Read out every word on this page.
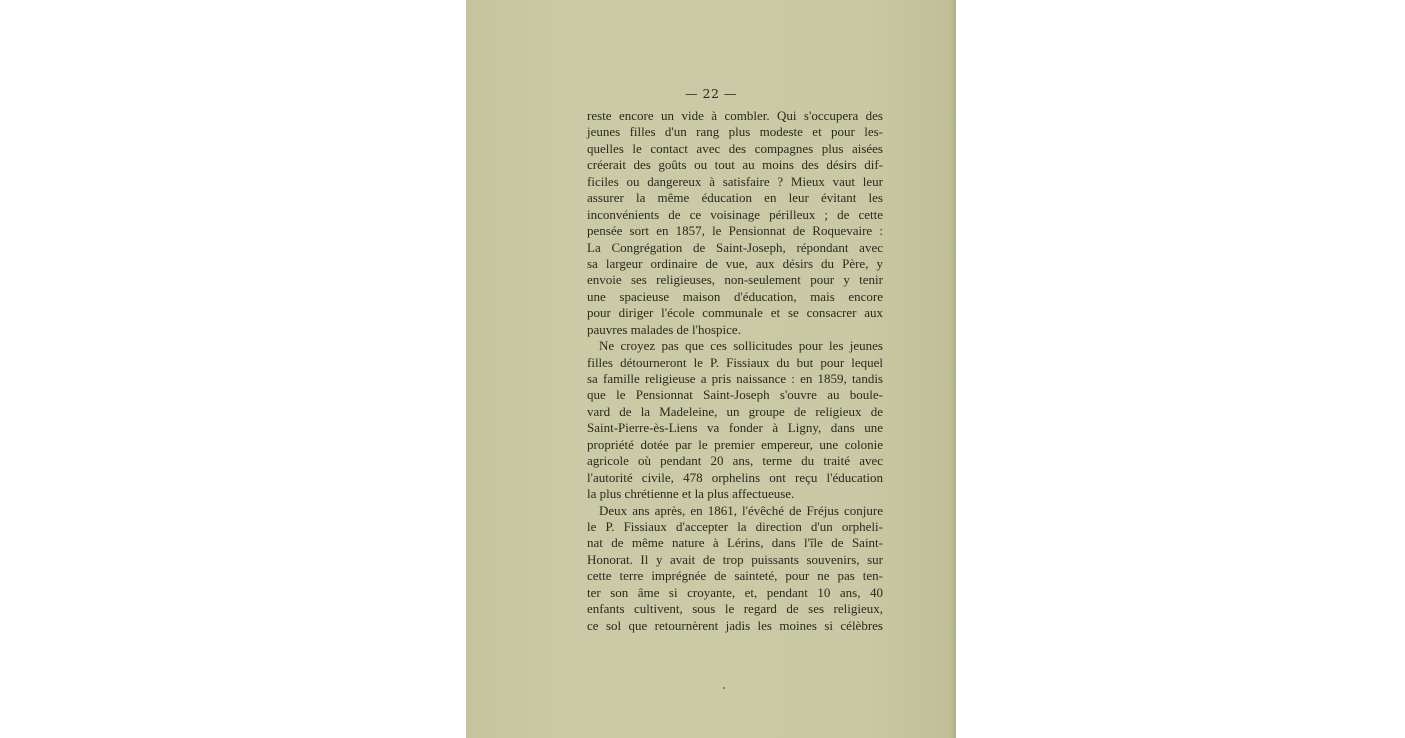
— 22 —
reste encore un vide à combler. Qui s'occupera des
jeunes filles d'un rang plus modeste et pour les-
quelles le contact avec des compagnes plus aisées
créerait des goûts ou tout au moins des désirs dif-
ficiles ou dangereux à satisfaire ? Mieux vaut leur
assurer la même éducation en leur évitant les
inconvénients de ce voisinage périlleux ; de cette
pensée sort en 1857, le Pensionnat de Roquevaire :
La Congrégation de Saint-Joseph, répondant avec
sa largeur ordinaire de vue, aux désirs du Père, y
envoie ses religieuses, non-seulement pour y tenir
une spacieuse maison d'éducation, mais encore
pour diriger l'école communale et se consacrer aux
pauvres malades de l'hospice.
Ne croyez pas que ces sollicitudes pour les jeunes
filles détourneront le P. Fissiaux du but pour lequel
sa famille religieuse a pris naissance : en 1859, tandis
que le Pensionnat Saint-Joseph s'ouvre au boule-
vard de la Madeleine, un groupe de religieux de
Saint-Pierre-ès-Liens va fonder à Ligny, dans une
propriété dotée par le premier empereur, une colonie
agricole où pendant 20 ans, terme du traité avec
l'autorité civile, 478 orphelins ont reçu l'éducation
la plus chrétienne et la plus affectueuse.
Deux ans après, en 1861, l'évêché de Fréjus conjure
le P. Fissiaux d'accepter la direction d'un orpheli-
nat de même nature à Lérins, dans l'île de Saint-
Honorat. Il y avait de trop puissants souvenirs, sur
cette terre imprégnée de sainteté, pour ne pas ten-
ter son âme si croyante, et, pendant 10 ans, 40
enfants cultivent, sous le regard de ses religieux,
ce sol que retournèrent jadis les moines si célèbres
